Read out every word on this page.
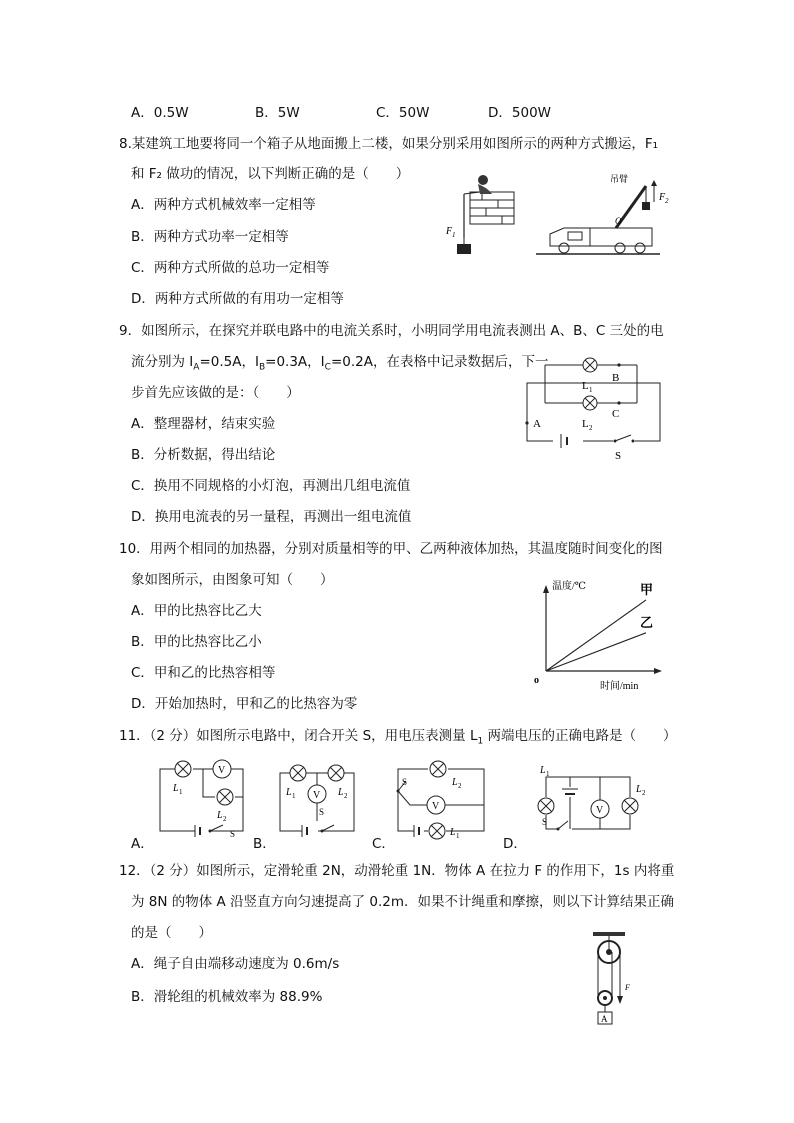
A．0.5W	B．5W	C．50W	D．500W
8.某建筑工地要将同一个箱子从地面搬上二楼，如果分别采用如图所示的两种方式搬运，F₁
和 F₂ 做功的情况，以下判断正确的是（　　）
A．两种方式机械效率一定相等
B．两种方式功率一定相等
C．两种方式所做的总功一定相等
D．两种方式所做的有用功一定相等
F 1
吊臂
O
F 2
9．如图所示，在探究并联电路中的电流关系时，小明同学用电流表测出 A、B、C 三处的电
流分别为 $I_A=0.5A$，$I_B=0.3A$，$I_C=0.2A$，在表格中记录数据后，下一
步首先应该做的是：（　　）
A．整理器材，结束实验
B．分析数据，得出结论
C．换用不同规格的小灯泡，再测出几组电流值
D．换用电流表的另一量程，再测出一组电流值
B
C
A
L 1
L 2
S
10．用两个相同的加热器，分别对质量相等的甲、乙两种液体加热，其温度随时间变化的图
象如图所示，由图象可知（　　）
A．甲的比热容比乙大
B．甲的比热容比乙小
C．甲和乙的比热容相等
D．开始加热时，甲和乙的比热容为零
温度/℃
时间/min
o
甲
乙
11．（2 分）如图所示电路中，闭合开关 S，用电压表测量 $L_1$ 两端电压的正确电路是（　　）
A．	B．	C．	D．
V
L 1
L 2
S
V
L 1	L 2
S	V
L 2
L 1
S
V
L 1
L 2
S
12．（2 分）如图所示，定滑轮重 2N，动滑轮重 1N．物体 A 在拉力 F 的作用下，1s 内将重
为 8N 的物体 A 沿竖直方向匀速提高了 0.2m．如果不计绳重和摩擦，则以下计算结果正确
的是（　　）
A．绳子自由端移动速度为 0.6m/s
B．滑轮组的机械效率为 88.9%
F
A
